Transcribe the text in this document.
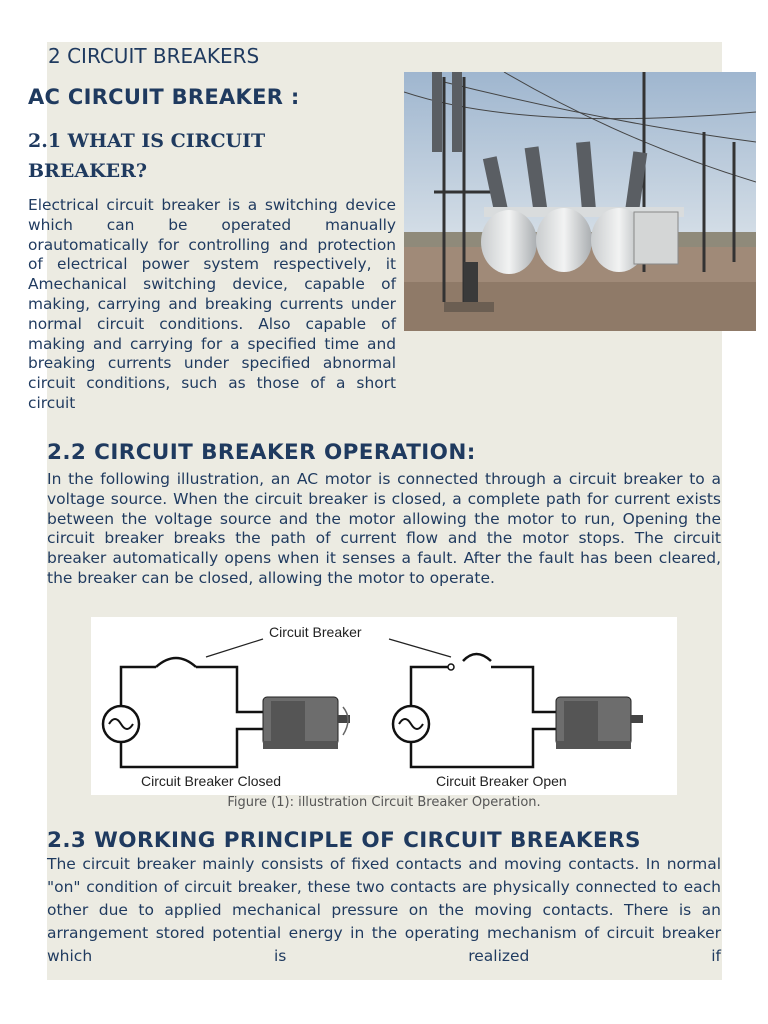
2 CIRCUIT BREAKERS
AC CIRCUIT BREAKER :
2.1 WHAT IS CIRCUIT BREAKER?
Electrical circuit breaker is a switching device which can be operated manually orautomatically for controlling and protection of electrical power system respectively, it Amechanical switching device, capable of making, carrying and breaking currents under normal circuit conditions. Also capable of making and carrying for a specified time and breaking currents under specified abnormal circuit conditions, such as those of a short circuit
2.2 CIRCUIT BREAKER OPERATION:
In the following illustration, an AC motor is connected through a circuit breaker to a voltage source. When the circuit breaker is closed, a complete path for current exists between the voltage source and the motor allowing the motor to run, Opening the circuit breaker breaks the path of current flow and the motor stops. The circuit breaker automatically opens when it senses a fault. After the fault has been cleared, the breaker can be closed, allowing the motor to operate.
Circuit Breaker
Circuit Breaker Closed	Circuit Breaker Open
Figure (1): illustration Circuit Breaker Operation.
2.3 WORKING PRINCIPLE OF CIRCUIT BREAKERS
The circuit breaker mainly consists of fixed contacts and moving contacts. In normal "on" condition of circuit breaker, these two contacts are physically connected to each other due to applied mechanical pressure on the moving contacts. There is an arrangement stored potential energy in the operating mechanism of circuit breaker which is realized if
